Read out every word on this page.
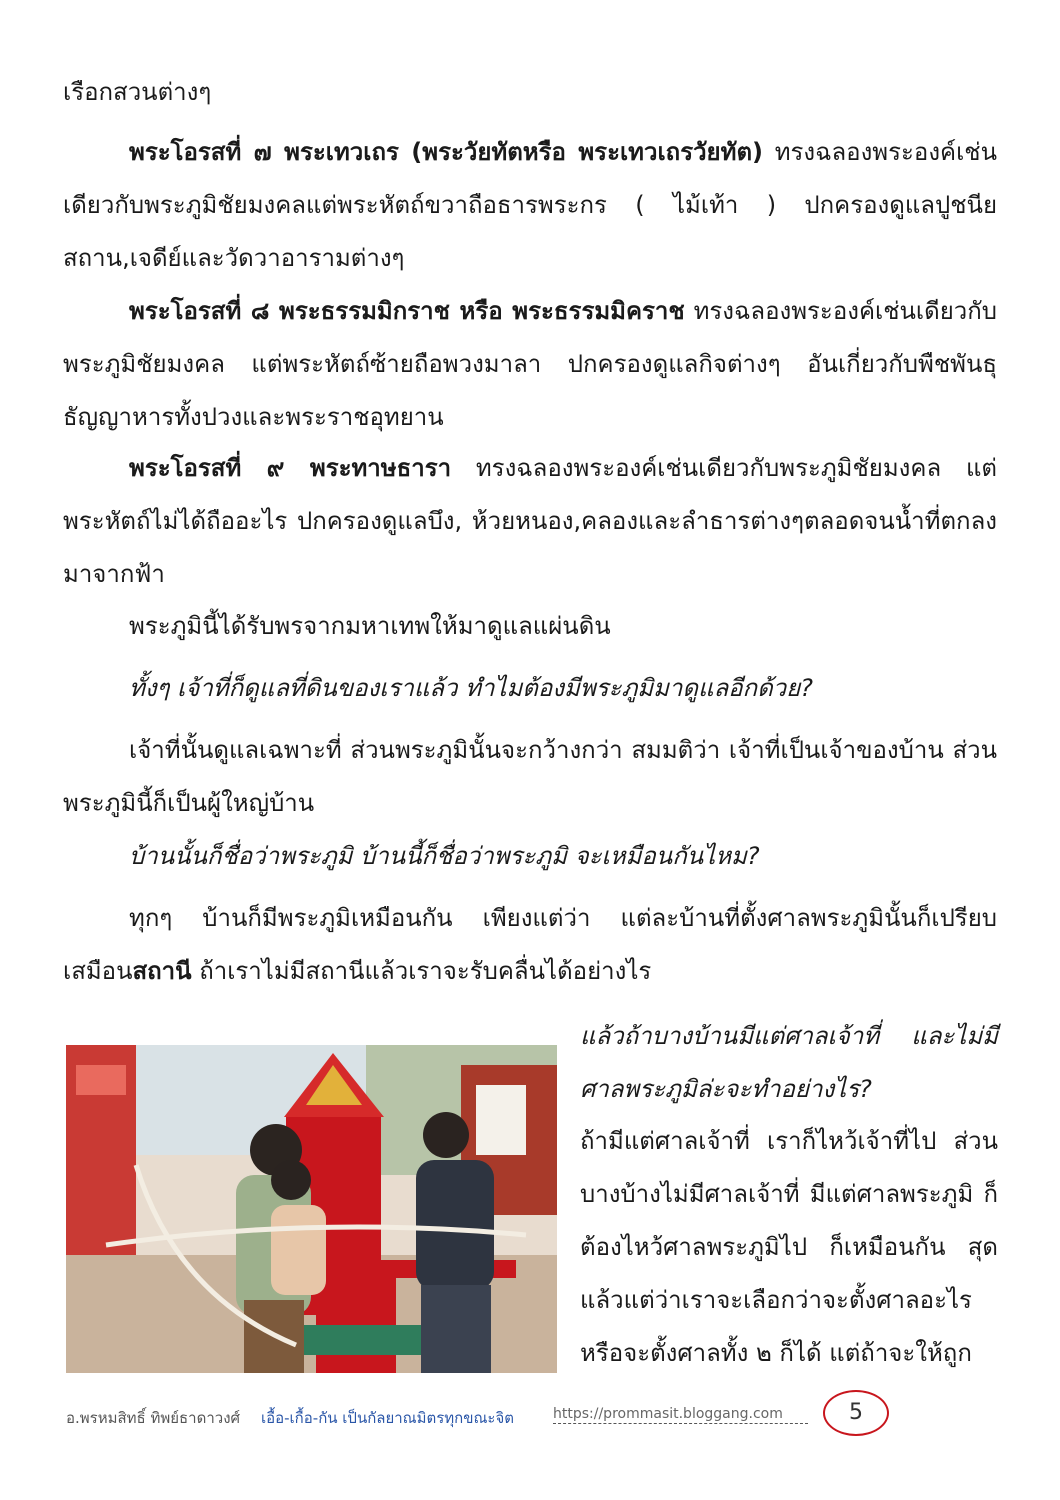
เรือกสวนต่างๆ

พระโอรสที่ ๗ พระเทวเถร (พระวัยทัตหรือ พระเทวเถรวัยทัต) ทรงฉลองพระองค์เช่นเดียวกับพระภูมิชัยมงคลแต่พระหัตถ์ขวาถือธารพระกร ( ไม้เท้า ) ปกครองดูแลปูชนียสถาน,เจดีย์และวัดวาอารามต่างๆ

พระโอรสที่ ๘ พระธรรมมิกราช หรือ พระธรรมมิคราช ทรงฉลองพระองค์เช่นเดียวกับพระภูมิชัยมงคล แต่พระหัตถ์ซ้ายถือพวงมาลา ปกครองดูแลกิจต่างๆ อันเกี่ยวกับพืชพันธุธัญญาหารทั้งปวงและพระราชอุทยาน

พระโอรสที่ ๙ พระทาษธารา ทรงฉลองพระองค์เช่นเดียวกับพระภูมิชัยมงคล แต่พระหัตถ์ไม่ได้ถืออะไร ปกครองดูแลบึง, ห้วยหนอง,คลองและลำธารต่างๆตลอดจนน้ำที่ตกลงมาจากฟ้า

พระภูมินี้ได้รับพรจากมหาเทพให้มาดูแลแผ่นดิน

ทั้งๆ เจ้าที่ก็ดูแลที่ดินของเราแล้ว ทำไมต้องมีพระภูมิมาดูแลอีกด้วย?

เจ้าที่นั้นดูแลเฉพาะที่ ส่วนพระภูมินั้นจะกว้างกว่า สมมติว่า เจ้าที่เป็นเจ้าของบ้าน ส่วนพระภูมินี้ก็เป็นผู้ใหญ่บ้าน

บ้านนั้นก็ชื่อว่าพระภูมิ บ้านนี้ก็ชื่อว่าพระภูมิ จะเหมือนกันไหม?

ทุกๆ บ้านก็มีพระภูมิเหมือนกัน เพียงแต่ว่า แต่ละบ้านที่ตั้งศาลพระภูมินั้นก็เปรียบเสมือนสถานี ถ้าเราไม่มีสถานีแล้วเราจะรับคลื่นได้อย่างไร

แล้วถ้าบางบ้านมีแต่ศาลเจ้าที่ และไม่มีศาลพระภูมิล่ะจะทำอย่างไร?

ถ้ามีแต่ศาลเจ้าที่ เราก็ไหว้เจ้าที่ไป ส่วนบางบ้างไม่มีศาลเจ้าที่ มีแต่ศาลพระภูมิ ก็ต้องไหว้ศาลพระภูมิไป ก็เหมือนกัน สุดแล้วแต่ว่าเราจะเลือกว่าจะตั้งศาลอะไร หรือจะตั้งศาลทั้ง ๒ ก็ได้ แต่ถ้าจะให้ถูก

อ.พรหมสิทธิ์ ทิพย์ธาดาวงศ์ เอื้อ-เกื้อ-กัน เป็นกัลยาณมิตรทุกขณะจิต	https://prommasit.bloggang.com	5
